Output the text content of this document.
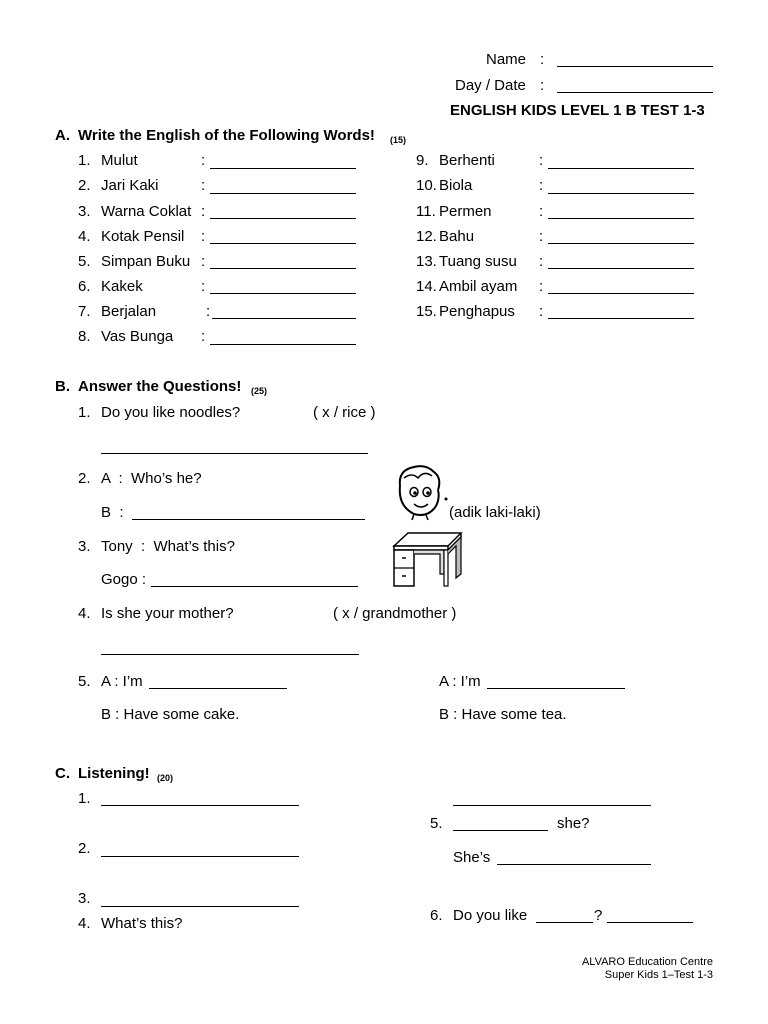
Name :
Day / Date :
ENGLISH KIDS LEVEL 1 B TEST 1-3
A. Write the English of the Following Words! (15)
1. Mulut	:
2. Jari Kaki	:
3. Warna Coklat :
4. Kotak Pensil :
5. Simpan Buku :
6. Kakek	:
7. Berjalan	:
8. Vas Bunga :
9. Berhenti	:
10. Biola	:
11. Permen	:
12. Bahu	:
13. Tuang susu :
14. Ambil ayam :
15. Penghapus :
B. Answer the Questions! (25)
1. Do you like noodles?	( x / rice )
2. A  :  Who’s he?
B  :	(adik laki-laki)
3. Tony  :  What’s this?
Gogo :
4. Is she your mother?	( x / grandmother )
5. A : I’m
B : Have some cake.
A : I’m
B : Have some tea.
C. Listening! (20)
1.
2.
3.
4. What’s this?
5.	she?
She’s
6. Do you like	?
ALVARO Education Centre
Super Kids 1–Test 1-3
